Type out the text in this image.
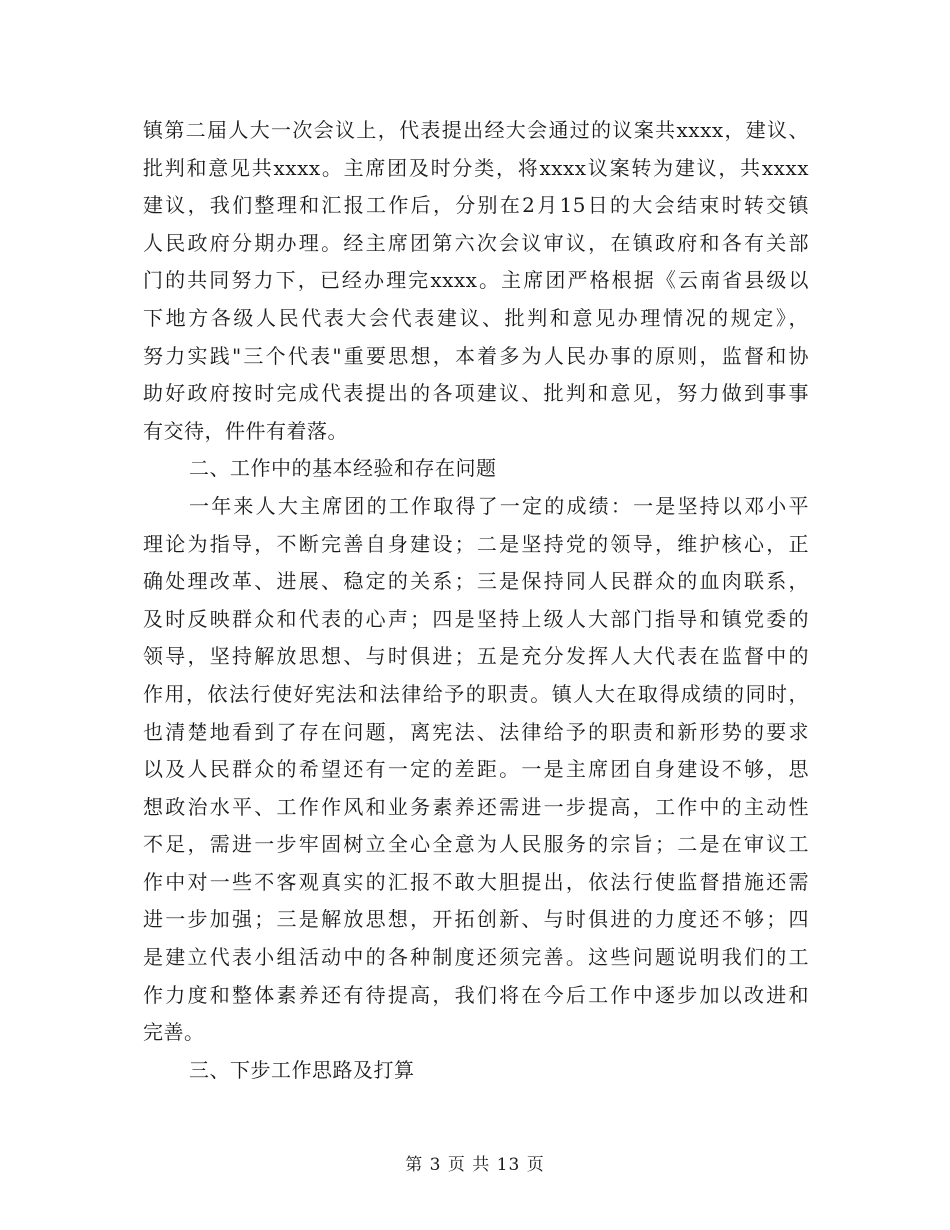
镇第二届人大一次会议上，代表提出经大会通过的议案共xxxx，建议、
批判和意见共xxxx。主席团及时分类，将xxxx议案转为建议，共xxxx
建议，我们整理和汇报工作后，分别在2月15日的大会结束时转交镇
人民政府分期办理。经主席团第六次会议审议，在镇政府和各有关部
门的共同努力下，已经办理完xxxx。主席团严格根据《云南省县级以
下地方各级人民代表大会代表建议、批判和意见办理情况的规定》，
努力实践"三个代表"重要思想，本着多为人民办事的原则，监督和协
助好政府按时完成代表提出的各项建议、批判和意见，努力做到事事
有交待，件件有着落。
二、工作中的基本经验和存在问题
一年来人大主席团的工作取得了一定的成绩：一是坚持以邓小平
理论为指导，不断完善自身建设；二是坚持党的领导，维护核心，正
确处理改革、进展、稳定的关系；三是保持同人民群众的血肉联系，
及时反映群众和代表的心声；四是坚持上级人大部门指导和镇党委的
领导，坚持解放思想、与时俱进；五是充分发挥人大代表在监督中的
作用，依法行使好宪法和法律给予的职责。镇人大在取得成绩的同时，
也清楚地看到了存在问题，离宪法、法律给予的职责和新形势的要求
以及人民群众的希望还有一定的差距。一是主席团自身建设不够，思
想政治水平、工作作风和业务素养还需进一步提高，工作中的主动性
不足，需进一步牢固树立全心全意为人民服务的宗旨；二是在审议工
作中对一些不客观真实的汇报不敢大胆提出，依法行使监督措施还需
进一步加强；三是解放思想，开拓创新、与时俱进的力度还不够；四
是建立代表小组活动中的各种制度还须完善。这些问题说明我们的工
作力度和整体素养还有待提高，我们将在今后工作中逐步加以改进和
完善。
三、下步工作思路及打算
第 3 页 共 13 页
